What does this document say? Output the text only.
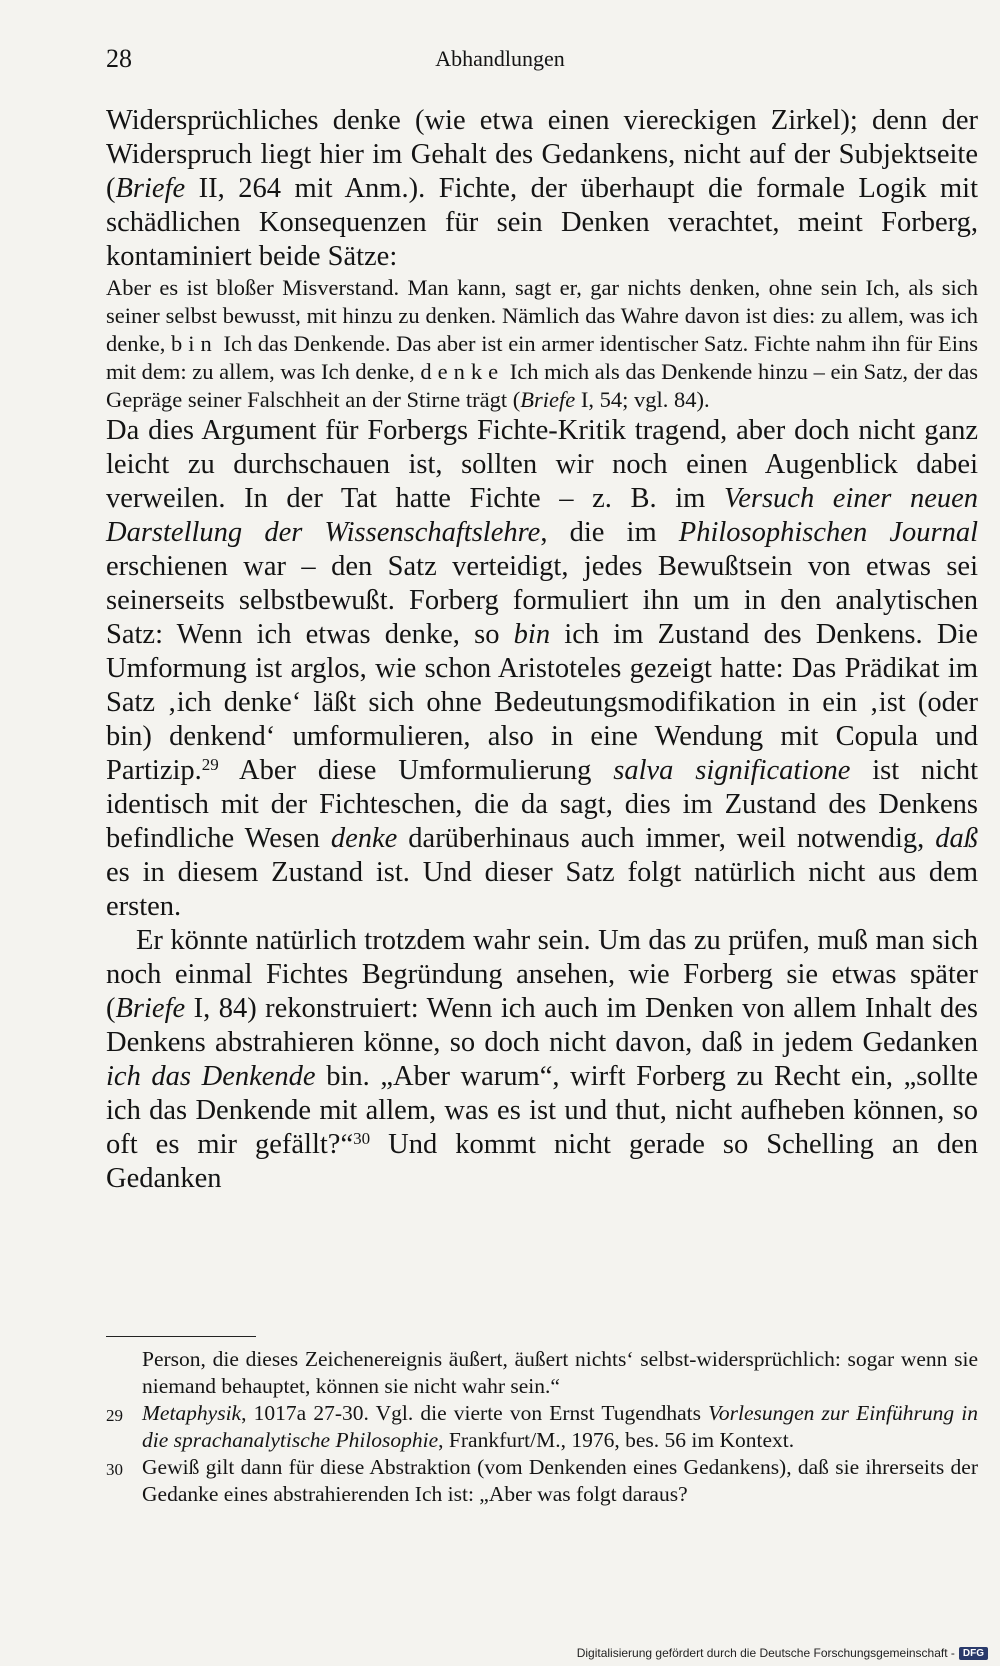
28	Abhandlungen

Widersprüchliches denke (wie etwa einen viereckigen Zirkel); denn der Widerspruch liegt hier im Gehalt des Gedankens, nicht auf der Subjektseite (Briefe II, 264 mit Anm.). Fichte, der überhaupt die formale Logik mit schädlichen Konsequenzen für sein Denken verachtet, meint Forberg, kontaminiert beide Sätze:

Aber es ist bloßer Misverstand. Man kann, sagt er, gar nichts denken, ohne sein Ich, als sich seiner selbst bewusst, mit hinzu zu denken. Nämlich das Wahre davon ist dies: zu allem, was ich denke, bin Ich das Denkende. Das aber ist ein armer identischer Satz. Fichte nahm ihn für Eins mit dem: zu allem, was Ich denke, denke Ich mich als das Denkende hinzu – ein Satz, der das Gepräge seiner Falschheit an der Stirne trägt (Briefe I, 54; vgl. 84).

Da dies Argument für Forbergs Fichte-Kritik tragend, aber doch nicht ganz leicht zu durchschauen ist, sollten wir noch einen Augenblick dabei verweilen. In der Tat hatte Fichte – z. B. im Versuch einer neuen Darstellung der Wissenschaftslehre, die im Philosophischen Journal erschienen war – den Satz verteidigt, jedes Bewußtsein von etwas sei seinerseits selbstbewußt. Forberg formuliert ihn um in den analytischen Satz: Wenn ich etwas denke, so bin ich im Zustand des Denkens. Die Umformung ist arglos, wie schon Aristoteles gezeigt hatte: Das Prädikat im Satz ‚ich denke‘ läßt sich ohne Bedeutungsmodifikation in ein ‚ist (oder bin) denkend‘ umformulieren, also in eine Wendung mit Copula und Partizip.$^{29}$ Aber diese Umformulierung salva significatione ist nicht identisch mit der Fichteschen, die da sagt, dies im Zustand des Denkens befindliche Wesen denke darüberhinaus auch immer, weil notwendig, daß es in diesem Zustand ist. Und dieser Satz folgt natürlich nicht aus dem ersten.

Er könnte natürlich trotzdem wahr sein. Um das zu prüfen, muß man sich noch einmal Fichtes Begründung ansehen, wie Forberg sie etwas später (Briefe I, 84) rekonstruiert: Wenn ich auch im Denken von allem Inhalt des Denkens abstrahieren könne, so doch nicht davon, daß in jedem Gedanken ich das Denkende bin. „Aber warum“, wirft Forberg zu Recht ein, „sollte ich das Denkende mit allem, was es ist und thut, nicht aufheben können, so oft es mir gefällt?“$^{30}$ Und kommt nicht gerade so Schelling an den Gedanken

Person, die dieses Zeichenereignis äußert, äußert nichts‘ selbst-widersprüchlich: sogar wenn sie niemand behauptet, können sie nicht wahr sein.“
29 Metaphysik, 1017a 27-30. Vgl. die vierte von Ernst Tugendhats Vorlesungen zur Einführung in die sprachanalytische Philosophie, Frankfurt/M., 1976, bes. 56 im Kontext.
30 Gewiß gilt dann für diese Abstraktion (vom Denkenden eines Gedankens), daß sie ihrerseits der Gedanke eines abstrahierenden Ich ist: „Aber was folgt daraus?
Digitalisierung gefördert durch die Deutsche Forschungsgemeinschaft - DFG
